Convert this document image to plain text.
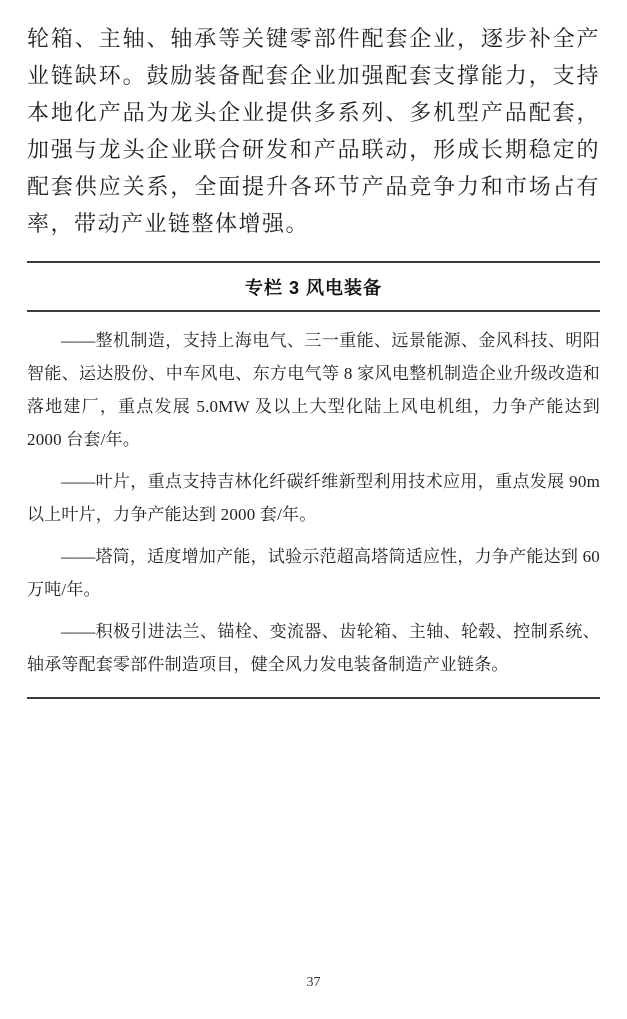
轮箱、主轴、轴承等关键零部件配套企业，逐步补全产业链缺环。鼓励装备配套企业加强配套支撑能力，支持本地化产品为龙头企业提供多系列、多机型产品配套，加强与龙头企业联合研发和产品联动，形成长期稳定的配套供应关系，全面提升各环节产品竞争力和市场占有率，带动产业链整体增强。

专栏 3 风电装备

——整机制造，支持上海电气、三一重能、远景能源、金风科技、明阳智能、运达股份、中车风电、东方电气等 8 家风电整机制造企业升级改造和落地建厂，重点发展 5.0MW 及以上大型化陆上风电机组，力争产能达到 2000 台套/年。

——叶片，重点支持吉林化纤碳纤维新型利用技术应用，重点发展 90m 以上叶片，力争产能达到 2000 套/年。

——塔筒，适度增加产能，试验示范超高塔筒适应性，力争产能达到 60 万吨/年。

——积极引进法兰、锚栓、变流器、齿轮箱、主轴、轮毂、控制系统、轴承等配套零部件制造项目，健全风力发电装备制造产业链条。

37
